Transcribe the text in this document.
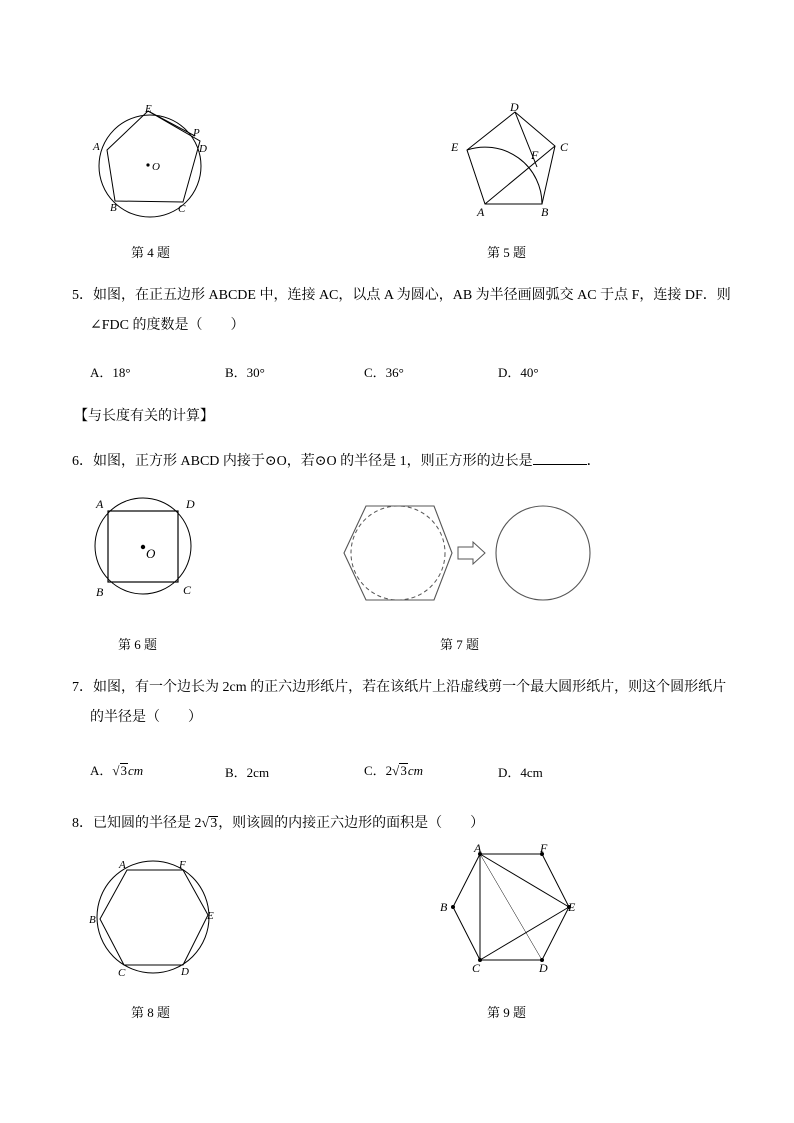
E
A
P
D
O
B	C
第 4 题
D
E
F
C
A	B
第 5 题
5．如图，在正五边形 ABCDE 中，连接 AC，以点 A 为圆心，AB 为半径画圆弧交 AC 于点 F，连接 DF．则
∠FDC 的度数是（　　）
A．18°	B．30°	C．36°	D．40°
【与长度有关的计算】
6．如图，正方形 ABCD 内接于⊙O，若⊙O 的半径是 1，则正方形的边长是	．
A	D
O
B	C
第 6 题	第 7 题
7．如图，有一个边长为 2cm 的正六边形纸片，若在该纸片上沿虚线剪一个最大圆形纸片，则这个圆形纸片
的半径是（　　）
A．√3cm	B．2cm	C．2√3cm	D．4cm
8．已知圆的半径是 2√3，则该圆的内接正六边形的面积是（　　）
A	F
B	E
C	D
第 8 题
A	F
B	E
C	D
第 9 题
